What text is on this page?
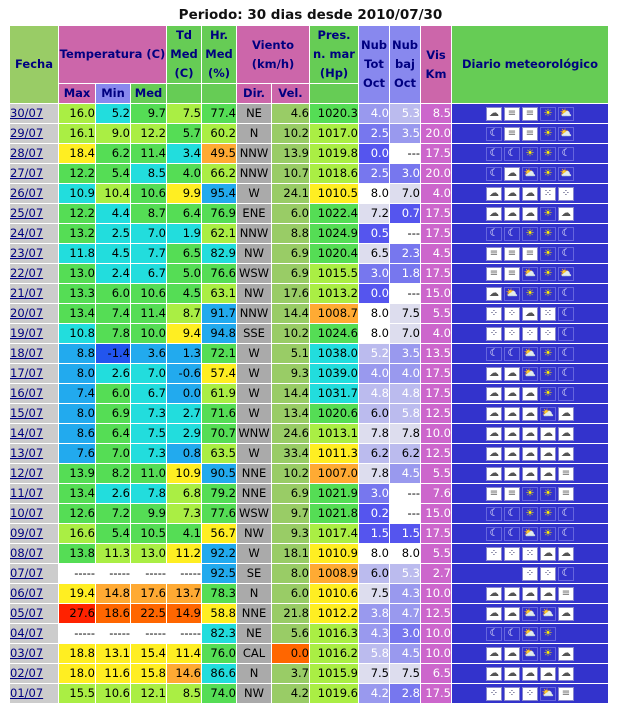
Periodo: 30 dias desde 2010/07/30
Fecha	Temperatura (C)			Td Med (C)	Hr. Med (%)	Viento (km/h)		Pres. n. mar (Hp)	Nub Tot Oct	Nub baj Oct	Vis Km	Diario meteorológico
	Max	Min	Med			Dir.	Vel.					
30/07	16.0	5.2	9.7	7.5	77.4	NE	4.6	1020.3	4.0	5.3	8.5	☁ ≡ ≡ ☀ ⛅
29/07	16.1	9.0	12.2	5.7	60.2	N	10.2	1017.0	2.5	3.5	20.0	☾ ≡ ≡ ☀ ⛅
28/07	18.4	6.2	11.4	3.4	49.5	NNW	13.9	1019.8	0.0	---	17.5	☾ ☾ ☀ ☀ ☾
27/07	12.2	5.4	8.5	4.0	66.2	NNW	10.7	1018.6	2.5	3.0	20.0	☾ ☁ ⛅ ☀ ⛅
26/07	10.9	10.4	10.6	9.9	95.4	W	24.1	1010.5	8.0	7.0	4.0	☁ ☁ ☁ ⁙ ⁘
25/07	12.2	4.4	8.7	6.4	76.9	ENE	6.0	1022.4	7.2	0.7	17.5	☁ ☁ ☁ ☀ ☁
24/07	13.2	2.5	7.0	1.9	62.1	NNW	8.8	1024.9	0.5	---	17.5	☾ ☾ ☀ ☀ ☾
23/07	11.8	4.5	7.7	6.5	82.9	NW	6.9	1020.4	6.5	2.3	4.5	≡ ≡ ≡ ☀ ☾
22/07	13.0	2.4	6.7	5.0	76.6	WSW	6.9	1015.5	3.0	1.8	17.5	≡ ≡ ⛅ ☀ ⛅
21/07	13.3	6.0	10.6	4.5	63.1	NW	17.6	1013.2	0.0	---	15.0	☁ ⛅ ☀ ☀ ☾
20/07	13.4	7.4	11.4	8.7	91.7	NNW	14.4	1008.7	8.0	7.5	5.5	⁘ ⁘ ☁ ⁙ ☾
19/07	10.8	7.8	10.0	9.4	94.8	SSE	10.2	1024.6	8.0	7.0	4.0	⁘ ⁘ ⁘ ⁘ ☾
18/07	8.8	-1.4	3.6	1.3	72.1	W	5.1	1038.0	5.2	3.5	13.5	☾ ☾ ⛅ ☀ ☾
17/07	8.0	2.6	7.0	-0.6	57.4	W	9.3	1039.0	4.0	4.0	17.5	☁ ☁ ⛅ ☀ ☾
16/07	7.4	6.0	6.7	0.0	61.9	W	14.4	1031.7	4.8	4.8	17.5	☁ ☁ ☁ ☀ ☾
15/07	8.0	6.9	7.3	2.7	71.6	W	13.4	1020.6	6.0	5.8	12.5	☁ ☁ ☁ ⛅ ☁
14/07	8.6	6.4	7.5	2.9	70.7	WNW	24.6	1013.1	7.8	7.8	10.0	☁ ☁ ☁ ☁ ☁
13/07	7.6	7.0	7.3	0.8	63.5	W	33.4	1011.3	6.2	6.2	12.5	☁ ☁ ☁ ☁ ☁
12/07	13.9	8.2	11.0	10.9	90.5	NNE	10.2	1007.0	7.8	4.5	5.5	☁ ☁ ☁ ☁ ≡
11/07	13.4	2.6	7.8	6.8	79.2	NNE	6.9	1021.9	3.0	---	7.6	≡ ≡ ☀ ☀ ≡
10/07	12.6	7.2	9.9	7.3	77.6	WSW	9.7	1021.8	0.2	---	15.0	☾ ☾ ☀ ☀ ☾
09/07	16.6	5.4	10.5	4.1	56.7	NW	9.3	1017.4	1.5	1.5	17.5	☾ ☾ ⛅ ☀ ☾
08/07	13.8	11.3	13.0	11.2	92.2	W	18.1	1010.9	8.0	8.0	5.5	⁘ ⁘ ⁙ ☁ ☁
07/07	-----	-----	-----	-----	92.5	SE	8.0	1008.9	6.0	5.3	2.7	⁘ ⁘ ☾
06/07	19.4	14.8	17.6	13.7	78.3	N	6.0	1010.6	7.5	4.3	10.0	☁ ☁ ☁ ☁ ≡
05/07	27.6	18.6	22.5	14.9	58.8	NNE	21.8	1012.2	3.8	4.7	12.5	☁ ☁ ⛅ ⛅ ☁
04/07	-----	-----	-----	-----	82.3	NE	5.6	1016.3	4.3	3.0	10.0	☾ ☾ ⛅ ☀
03/07	18.8	13.1	15.4	11.4	76.0	CAL	0.0	1016.2	5.8	4.5	10.0	☁ ☁ ⛅ ☀ ☁
02/07	18.0	11.6	15.8	14.6	86.6	N	3.7	1015.9	7.5	7.5	6.5	☁ ☁ ☁ ☁ ☁
01/07	15.5	10.6	12.1	8.5	74.0	NW	4.2	1019.6	4.2	2.8	17.5	⁘ ⁘ ⁘ ⛅ ≡
